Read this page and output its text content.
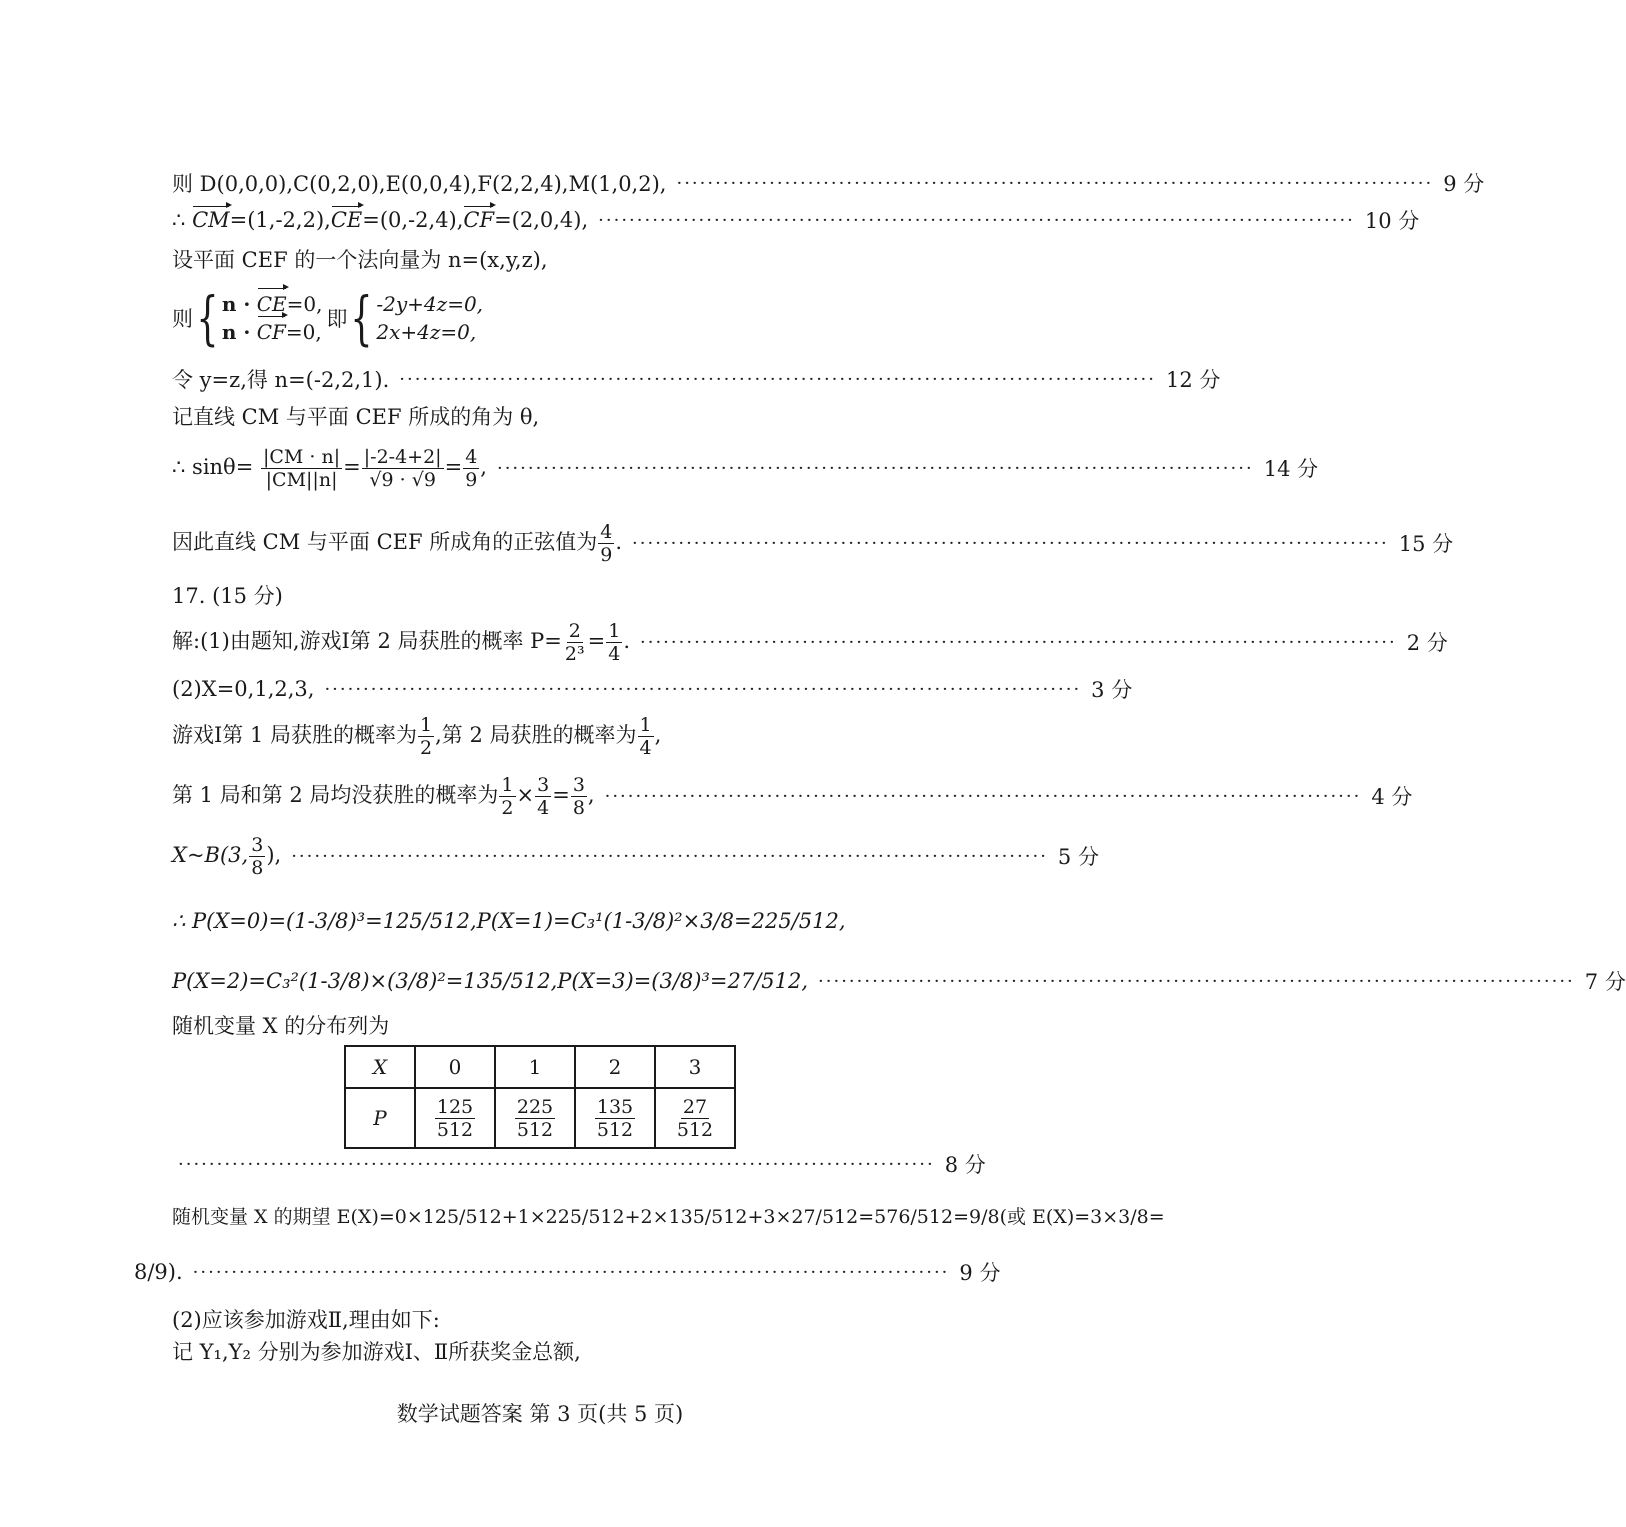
则 D(0,0,0),C(0,2,0),E(0,0,4),F(2,2,4),M(1,0,2), ·································································································· 9 分
∴ CM=(1,-2,2),CE=(0,-2,4),CF=(2,0,4), ·································································································· 10 分
设平面 CEF 的一个法向量为 n=(x,y,z),
则 { n · CE=0,
n · CF=0,
即 { -2y+4z=0,
2x+4z=0,
令 y=z,得 n=(-2,2,1). ·································································································· 12 分
记直线 CM 与平面 CEF 所成的角为 θ,
∴ $\sin\theta= \frac{|CM \cdot n|}{|CM||n|} = \frac{|-2-4+2|}{√9 \cdot √9} = \frac{4}{9}$ , ·································································································· 14 分
因此直线 CM 与平面 CEF 所成角的正弦值为 $\frac{4}{9}$ . ·································································································· 15 分
17. (15 分)
解:(1)由题知,游戏Ⅰ第 2 局获胜的概率 $P= \frac{2}{\text{2³}} = \frac{1}{4}$ . ·································································································· 2 分
(2)X=0,1,2,3, ·································································································· 3 分
游戏Ⅰ第 1 局获胜的概率为 $\frac{1}{2}$ ,第 2 局获胜的概率为 $\frac{1}{4}$ ,
第 1 局和第 2 局均没获胜的概率为 $\frac{1}{2} \times \frac{3}{4} = \frac{3}{8}$ , ·································································································· 4 分
X~B(3, $\frac{3}{8}$ ), ·································································································· 5 分
∴ P(X=0)=(1-3/8)³=125/512,P(X=1)=C₃¹(1-3/8)²×3/8=225/512,
P(X=2)=C₃²(1-3/8)×(3/8)²=135/512,P(X=3)=(3/8)³=27/512, ·································································································· 7 分
随机变量 X 的分布列为
X	0	1	2	3
P	$\frac{125}{512}$	$\frac{225}{512}$	$\frac{135}{512}$	$\frac{27}{512}$
·································································································· 8 分
随机变量 X 的期望 E(X)=0×125/512+1×225/512+2×135/512+3×27/512=576/512=9/8(或 E(X)=3×3/8=
8/9). ·································································································· 9 分
(2)应该参加游戏Ⅱ,理由如下:
记 Y₁,Y₂ 分别为参加游戏Ⅰ、Ⅱ所获奖金总额,
数学试题答案 第 3 页(共 5 页)
